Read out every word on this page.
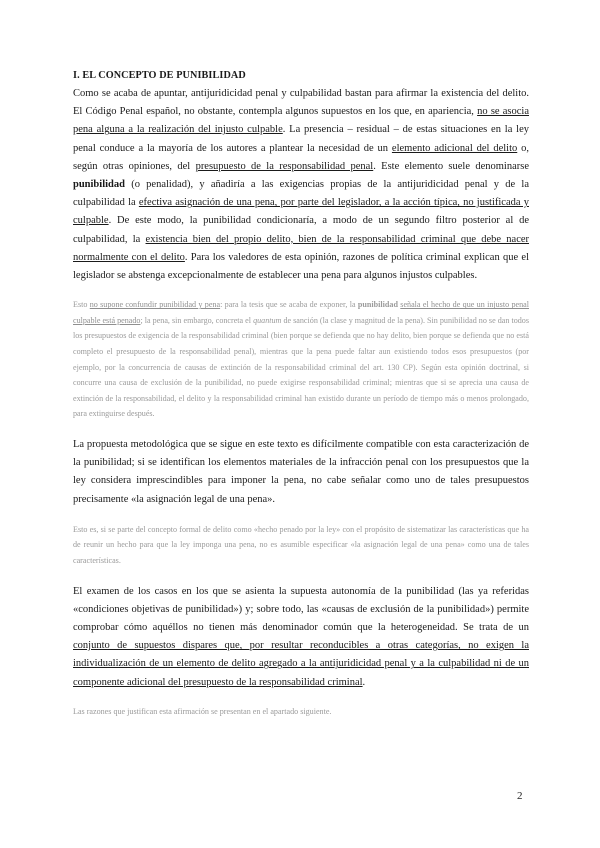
I. EL CONCEPTO DE PUNIBILIDAD

Como se acaba de apuntar, antijuridicidad penal y culpabilidad bastan para afirmar la existencia del delito. El Código Penal español, no obstante, contempla algunos supuestos en los que, en apariencia, no se asocia pena alguna a la realización del injusto culpable. La presencia – residual – de estas situaciones en la ley penal conduce a la mayoría de los autores a plantear la necesidad de un elemento adicional del delito o, según otras opiniones, del presupuesto de la responsabilidad penal. Este elemento suele denominarse punibilidad (o penalidad), y añadiría a las exigencias propias de la antijuridicidad penal y de la culpabilidad la efectiva asignación de una pena, por parte del legislador, a la acción típica, no justificada y culpable. De este modo, la punibilidad condicionaría, a modo de un segundo filtro posterior al de culpabilidad, la existencia bien del propio delito, bien de la responsabilidad criminal que debe nacer normalmente con el delito. Para los valedores de esta opinión, razones de política criminal explican que el legislador se abstenga excepcionalmente de establecer una pena para algunos injustos culpables.

Esto no supone confundir punibilidad y pena: para la tesis que se acaba de exponer, la punibilidad señala el hecho de que un injusto penal culpable está penado; la pena, sin embargo, concreta el quantum de sanción (la clase y magnitud de la pena). Sin punibilidad no se dan todos los presupuestos de exigencia de la responsabilidad criminal (bien porque se defienda que no hay delito, bien porque se defienda que no está completo el presupuesto de la responsabilidad penal), mientras que la pena puede faltar aun existiendo todos esos presupuestos (por ejemplo, por la concurrencia de causas de extinción de la responsabilidad criminal del art. 130 CP). Según esta opinión doctrinal, si concurre una causa de exclusión de la punibilidad, no puede exigirse responsabilidad criminal; mientras que si se aprecia una causa de extinción de la responsabilidad, el delito y la responsabilidad criminal han existido durante un período de tiempo más o menos prolongado, para extinguirse después.

La propuesta metodológica que se sigue en este texto es difícilmente compatible con esta caracterización de la punibilidad; si se identifican los elementos materiales de la infracción penal con los presupuestos que la ley considera imprescindibles para imponer la pena, no cabe señalar como uno de tales presupuestos precisamente «la asignación legal de una pena».

Esto es, si se parte del concepto formal de delito como «hecho penado por la ley» con el propósito de sistematizar las características que ha de reunir un hecho para que la ley imponga una pena, no es asumible especificar «la asignación legal de una pena» como una de tales características.

El examen de los casos en los que se asienta la supuesta autonomía de la punibilidad (las ya referidas «condiciones objetivas de punibilidad») y; sobre todo, las «causas de exclusión de la punibilidad») permite comprobar cómo aquéllos no tienen más denominador común que la heterogeneidad. Se trata de un conjunto de supuestos dispares que, por resultar reconducibles a otras categorías, no exigen la individualización de un elemento de delito agregado a la antijuridicidad penal y a la culpabilidad ni de un componente adicional del presupuesto de la responsabilidad criminal.

Las razones que justifican esta afirmación se presentan en el apartado siguiente.

2
